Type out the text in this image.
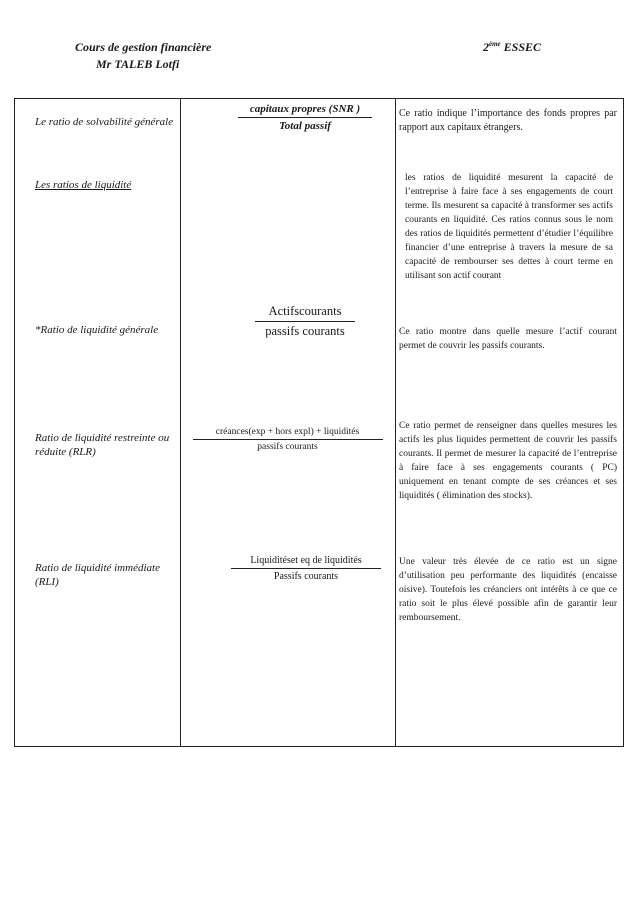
Cours de gestion financière
Mr TALEB Lotfi
2ème ESSEC
Le ratio de solvabilité générale
capitaux propres (SNR )
Total passif
Ce ratio indique l’importance des fonds propres par rapport aux capitaux étrangers.
Les ratios de liquidité
les ratios de liquidité mesurent la capacité de l’entreprise à faire face à ses engagements de court terme. Ils mesurent sa capacité à transformer ses actifs courants en liquidité. Ces ratios connus sous le nom des ratios de liquidités permettent d’étudier l’équilibre financier d’une entreprise à travers la mesure de sa capacité de rembourser ses dettes à court terme en utilisant son actif courant
*Ratio de liquidité générale
Actifscourants
passifs courants	Ce ratio montre dans quelle mesure l’actif courant permet de couvrir les passifs courants.
Ratio de liquidité restreinte ou réduite (RLR)
créances(exp + hors expl) + liquidités
passifs courants
Ce ratio permet de renseigner dans quelles mesures les actifs les plus liquides permettent de couvrir les passifs courants. Il permet de mesurer la capacité de l’entreprise à faire face à ses engagements courants ( PC) uniquement en tenant compte de ses créances et ses liquidités ( élimination des stocks).
Ratio de liquidité immédiate (RLI)
Liquiditéset eq de liquidités
Passifs courants
Une valeur très élevée de ce ratio est un signe d’utilisation peu performante des liquidités (encaisse oisive). Toutefois les créanciers ont intérêts à ce que ce ratio soit le plus élevé possible afin de garantir leur remboursement.
